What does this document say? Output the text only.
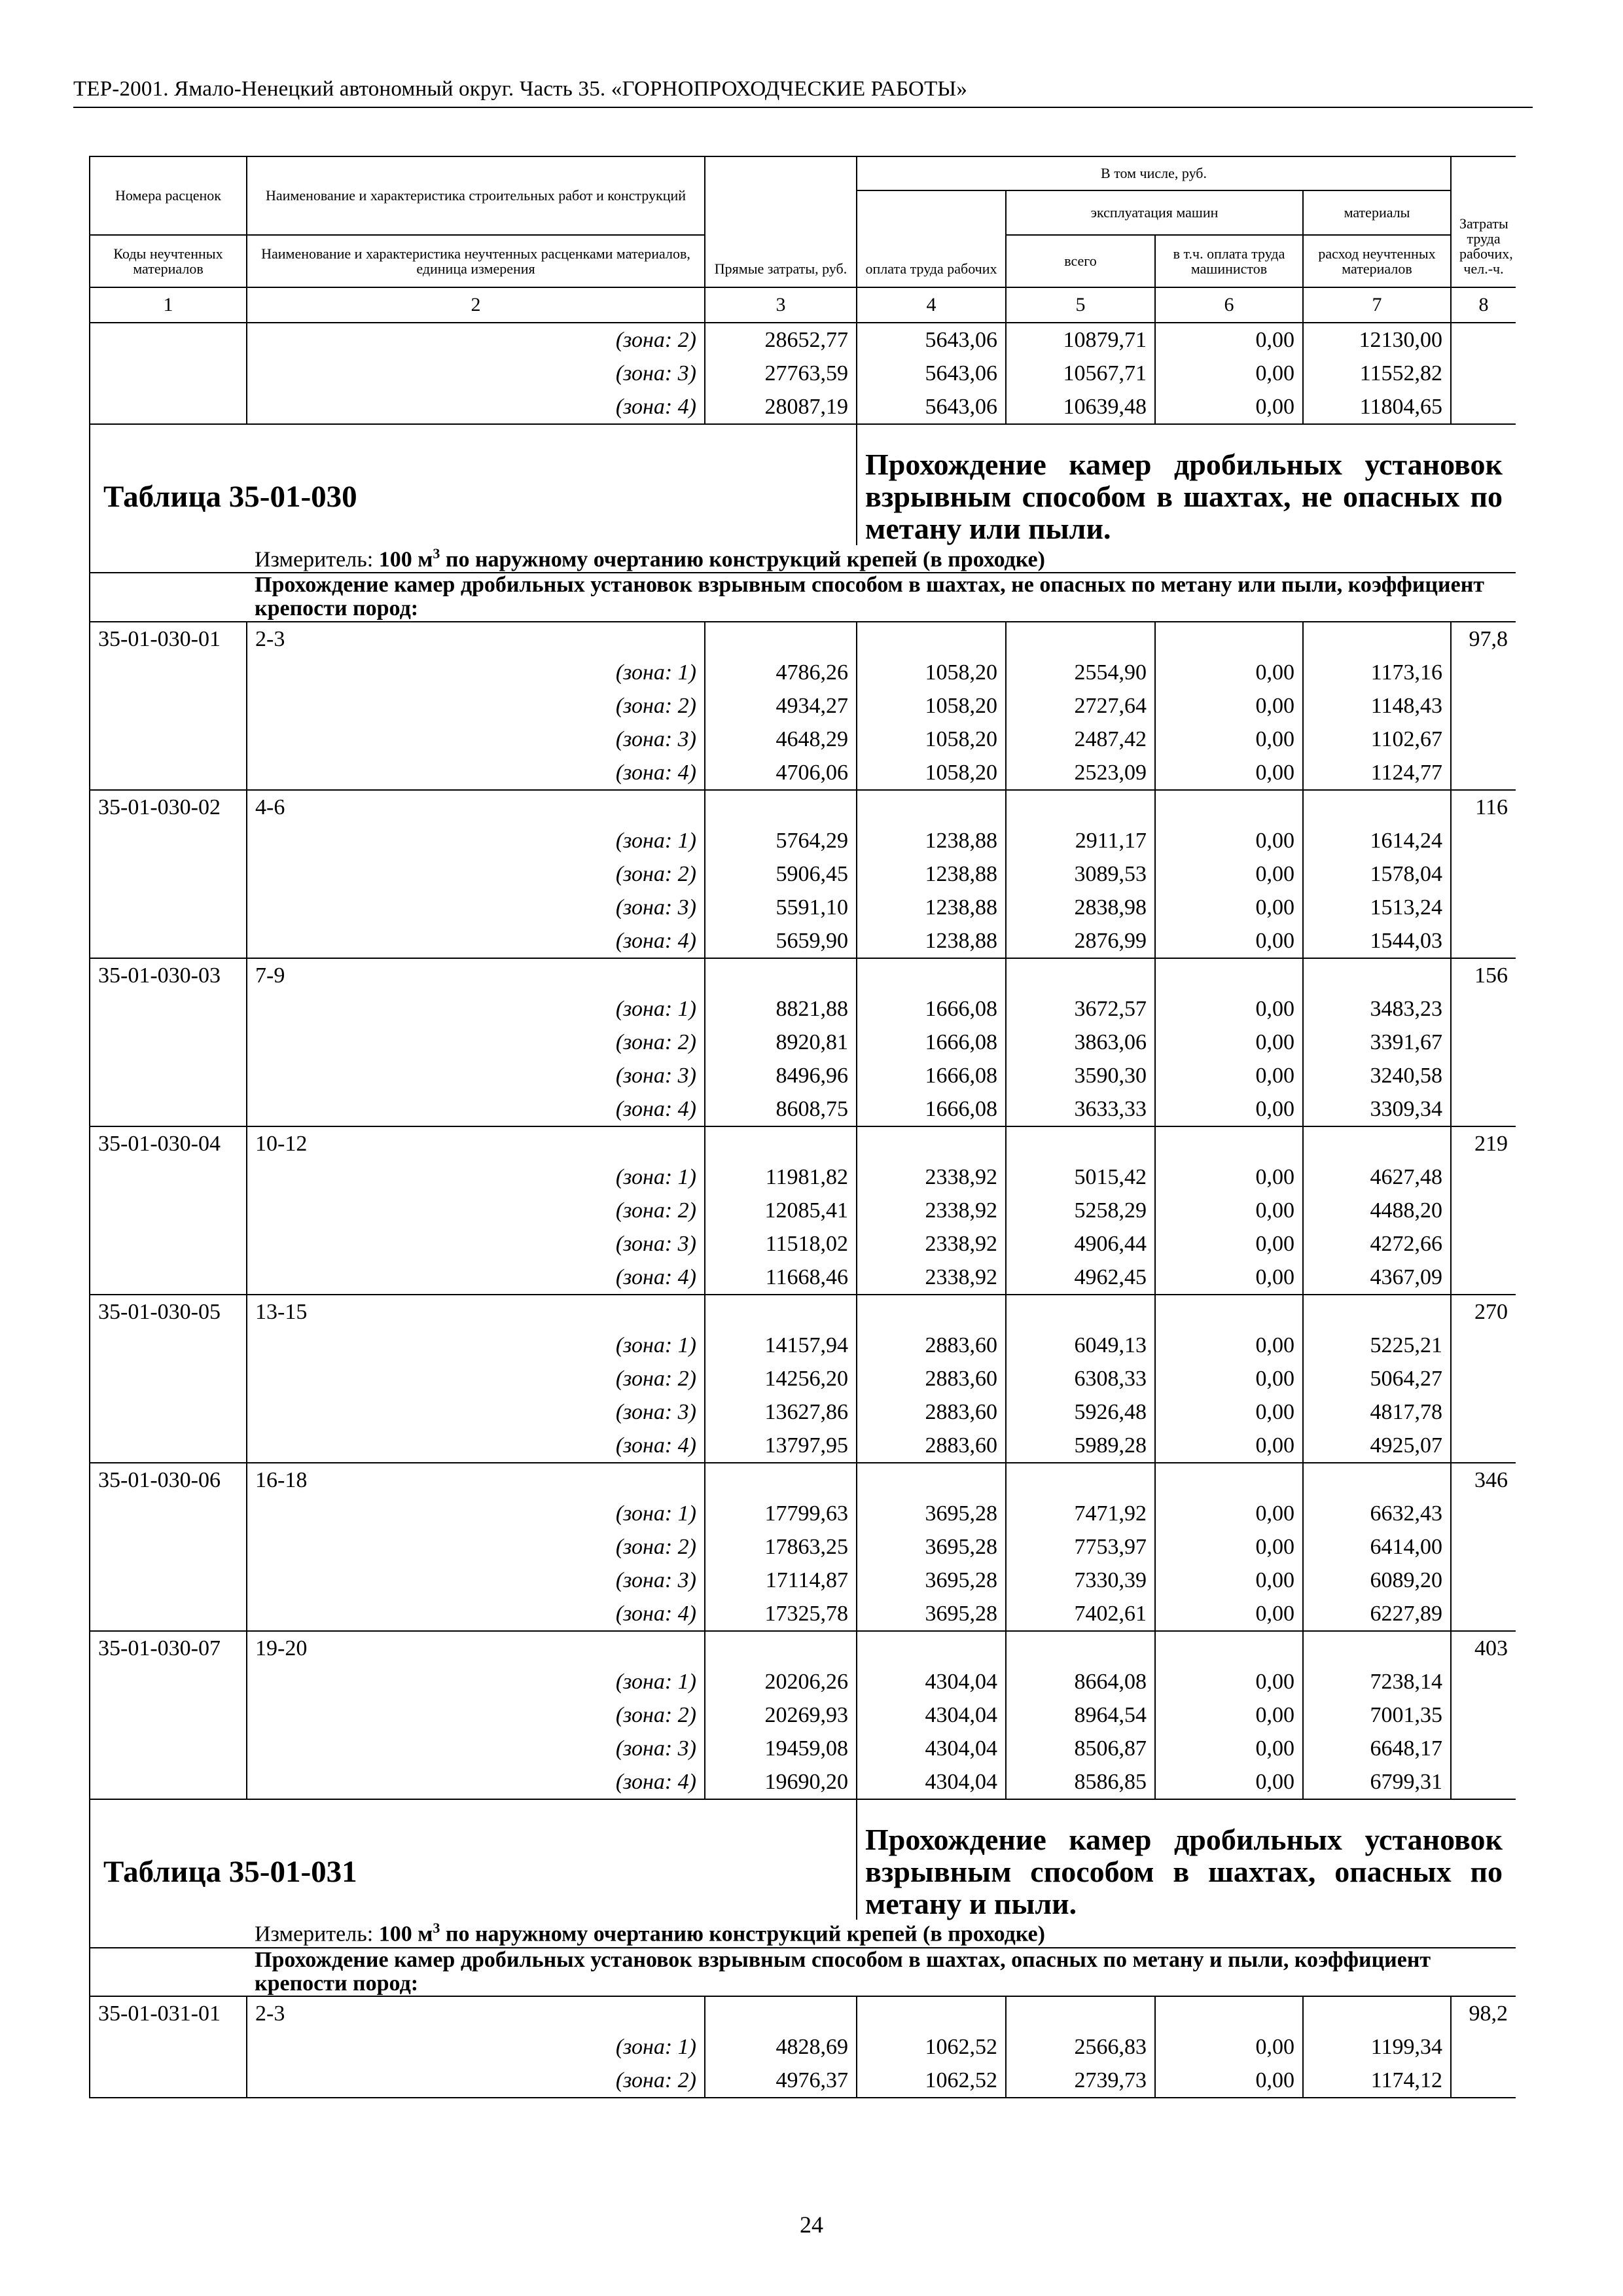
ТЕР-2001. Ямало-Ненецкий автономный округ. Часть 35. «ГОРНОПРОХОДЧЕСКИЕ РАБОТЫ»
Номера расценок	Наименование и характеристика строительных работ и конструкций	Прямые затраты, руб.	В том числе, руб.				Затраты труда рабочих, чел.-ч.
			оплата труда рабочих	эксплуатация машин		материалы	

Коды неучтенных материалов	Наименование и характеристика неучтенных расценками материалов, единица измерения			всего	в т.ч. оплата труда машинистов	расход неучтенных материалов	

1	2	3	4	5	6	7	8
	(зона: 2)	28652,77	5643,06	10879,71	0,00	12130,00	
	(зона: 3)	27763,59	5643,06	10567,71	0,00	11552,82	
	(зона: 4)	28087,19	5643,06	10639,48	0,00	11804,65	
Таблица 35-01-030			Прохождение камер дробильных установок взрывным способом в шахтах, не опасных по метану или пыли.				
	Измеритель: 100 $м^3$ по наружному очертанию конструкций крепей (в проходке)						
	Прохождение камер дробильных установок взрывным способом в шахтах, не опасных по метану или пыли, коэффициент крепости пород:						
35-01-030-01	2-3						97,8
	(зона: 1)	4786,26	1058,20	2554,90	0,00	1173,16	
	(зона: 2)	4934,27	1058,20	2727,64	0,00	1148,43	
	(зона: 3)	4648,29	1058,20	2487,42	0,00	1102,67	
	(зона: 4)	4706,06	1058,20	2523,09	0,00	1124,77	
35-01-030-02	4-6						116
	(зона: 1)	5764,29	1238,88	2911,17	0,00	1614,24	
	(зона: 2)	5906,45	1238,88	3089,53	0,00	1578,04	
	(зона: 3)	5591,10	1238,88	2838,98	0,00	1513,24	
	(зона: 4)	5659,90	1238,88	2876,99	0,00	1544,03	
35-01-030-03	7-9						156
	(зона: 1)	8821,88	1666,08	3672,57	0,00	3483,23	
	(зона: 2)	8920,81	1666,08	3863,06	0,00	3391,67	
	(зона: 3)	8496,96	1666,08	3590,30	0,00	3240,58	
	(зона: 4)	8608,75	1666,08	3633,33	0,00	3309,34	
35-01-030-04	10-12						219
	(зона: 1)	11981,82	2338,92	5015,42	0,00	4627,48	
	(зона: 2)	12085,41	2338,92	5258,29	0,00	4488,20	
	(зона: 3)	11518,02	2338,92	4906,44	0,00	4272,66	
	(зона: 4)	11668,46	2338,92	4962,45	0,00	4367,09	
35-01-030-05	13-15						270
	(зона: 1)	14157,94	2883,60	6049,13	0,00	5225,21	
	(зона: 2)	14256,20	2883,60	6308,33	0,00	5064,27	
	(зона: 3)	13627,86	2883,60	5926,48	0,00	4817,78	
	(зона: 4)	13797,95	2883,60	5989,28	0,00	4925,07	
35-01-030-06	16-18						346
	(зона: 1)	17799,63	3695,28	7471,92	0,00	6632,43	
	(зона: 2)	17863,25	3695,28	7753,97	0,00	6414,00	
	(зона: 3)	17114,87	3695,28	7330,39	0,00	6089,20	
	(зона: 4)	17325,78	3695,28	7402,61	0,00	6227,89	
35-01-030-07	19-20						403
	(зона: 1)	20206,26	4304,04	8664,08	0,00	7238,14	
	(зона: 2)	20269,93	4304,04	8964,54	0,00	7001,35	
	(зона: 3)	19459,08	4304,04	8506,87	0,00	6648,17	
	(зона: 4)	19690,20	4304,04	8586,85	0,00	6799,31	
Таблица 35-01-031			Прохождение камер дробильных установок взрывным способом в шахтах, опасных по метану и пыли.				
	Измеритель: 100 $м^3$ по наружному очертанию конструкций крепей (в проходке)						
	Прохождение камер дробильных установок взрывным способом в шахтах, опасных по метану и пыли, коэффициент крепости пород:						
35-01-031-01	2-3						98,2
	(зона: 1)	4828,69	1062,52	2566,83	0,00	1199,34	
	(зона: 2)	4976,37	1062,52	2739,73	0,00	1174,12	
24
